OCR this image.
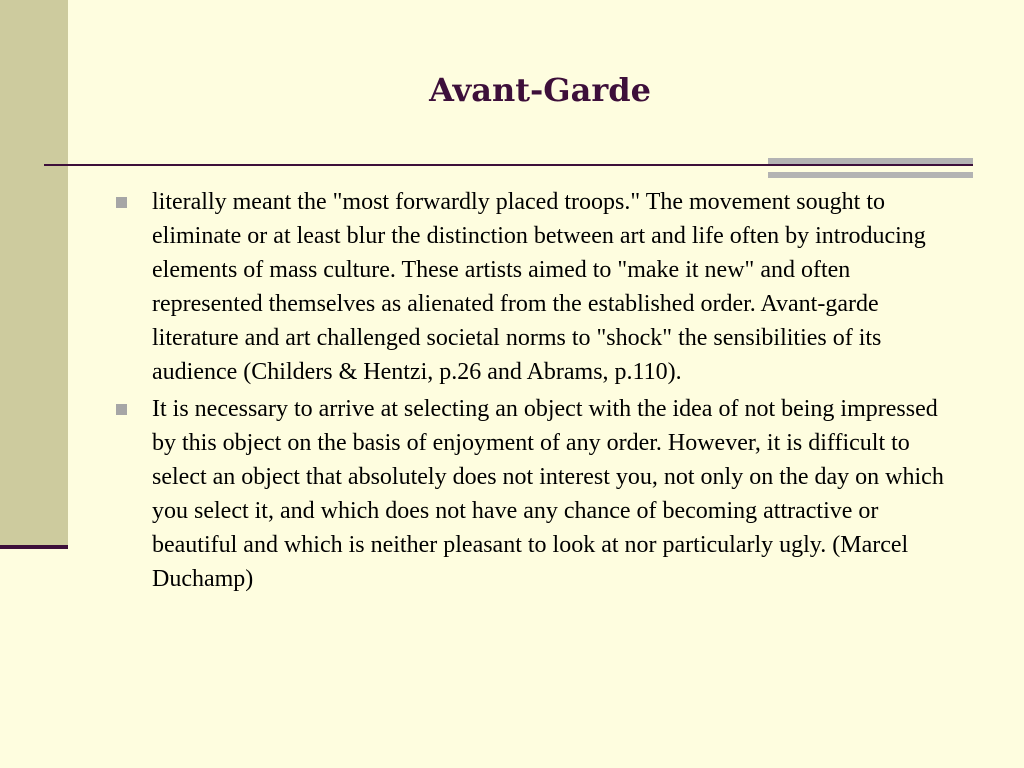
Avant-Garde
literally meant the "most forwardly placed troops." The movement sought to eliminate or at least blur the distinction between art and life often by introducing elements of mass culture. These artists aimed to "make it new" and often represented themselves as alienated from the established order. Avant-garde literature and art challenged societal norms to "shock" the sensibilities of its audience (Childers & Hentzi, p.26 and Abrams, p.110).
It is necessary to arrive at selecting an object with the idea of not being impressed by this object on the basis of enjoyment of any order. However, it is difficult to select an object that absolutely does not interest you, not only on the day on which you select it, and which does not have any chance of becoming attractive or beautiful and which is neither pleasant to look at nor particularly ugly. (Marcel Duchamp)
